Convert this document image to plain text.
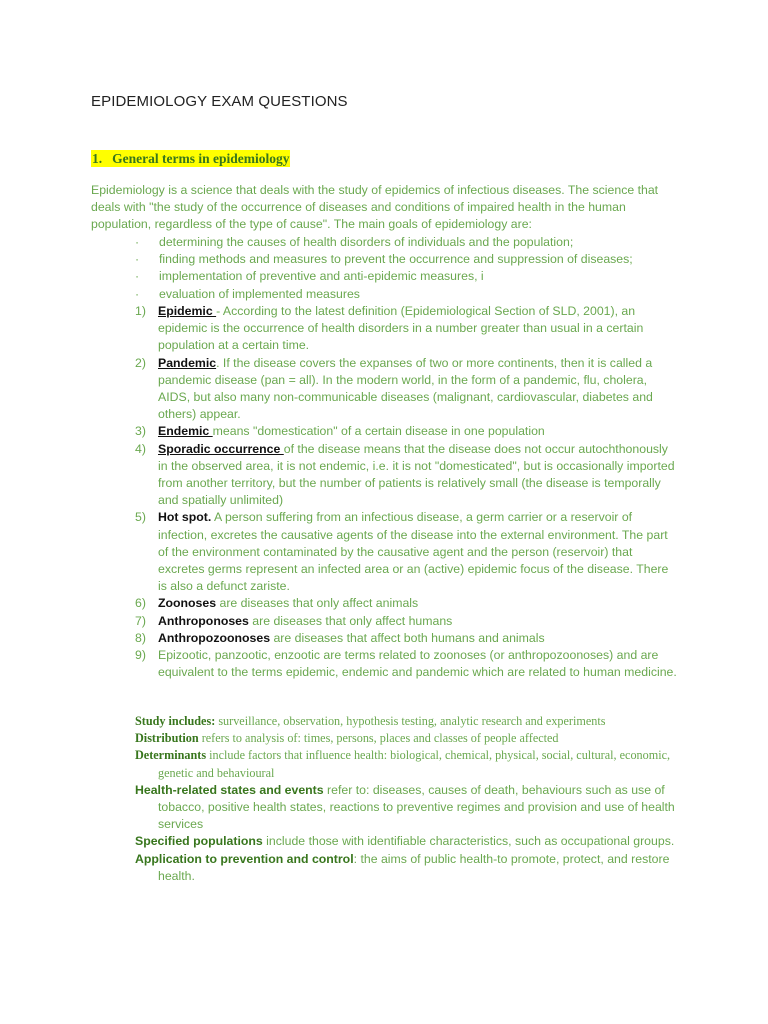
EPIDEMIOLOGY EXAM QUESTIONS
1. General terms in epidemiology

Epidemiology is a science that deals with the study of epidemics of infectious diseases. The science that deals with "the study of the occurrence of diseases and conditions of impaired health in the human population, regardless of the type of cause". The main goals of epidemiology are:

· determining the causes of health disorders of individuals and the population;
· finding methods and measures to prevent the occurrence and suppression of diseases;
· implementation of preventive and anti-epidemic measures, i
· evaluation of implemented measures
1) Epidemic - According to the latest definition (Epidemiological Section of SLD, 2001), an epidemic is the occurrence of health disorders in a number greater than usual in a certain population at a certain time.
2) Pandemic. If the disease covers the expanses of two or more continents, then it is called a pandemic disease (pan = all). In the modern world, in the form of a pandemic, flu, cholera, AIDS, but also many non-communicable diseases (malignant, cardiovascular, diabetes and others) appear.
3) Endemic means "domestication" of a certain disease in one population
4) Sporadic occurrence of the disease means that the disease does not occur autochthonously in the observed area, it is not endemic, i.e. it is not "domesticated", but is occasionally imported from another territory, but the number of patients is relatively small (the disease is temporally and spatially unlimited)
5) Hot spot. A person suffering from an infectious disease, a germ carrier or a reservoir of infection, excretes the causative agents of the disease into the external environment. The part of the environment contaminated by the causative agent and the person (reservoir) that excretes germs represent an infected area or an (active) epidemic focus of the disease. There is also a defunct zariste.
6) Zoonoses are diseases that only affect animals
7) Anthroponoses are diseases that only affect humans
8) Anthropozoonoses are diseases that affect both humans and animals
9) Epizootic, panzootic, enzootic are terms related to zoonoses (or anthropozoonoses) and are equivalent to the terms epidemic, endemic and pandemic which are related to human medicine.
Study includes: surveillance, observation, hypothesis testing, analytic research and experiments
Distribution refers to analysis of: times, persons, places and classes of people affected
Determinants include factors that influence health: biological, chemical, physical, social, cultural, economic, genetic and behavioural
Health-related states and events refer to: diseases, causes of death, behaviours such as use of tobacco, positive health states, reactions to preventive regimes and provision and use of health services
Specified populations include those with identifiable characteristics, such as occupational groups.
Application to prevention and control: the aims of public health-to promote, protect, and restore health.
